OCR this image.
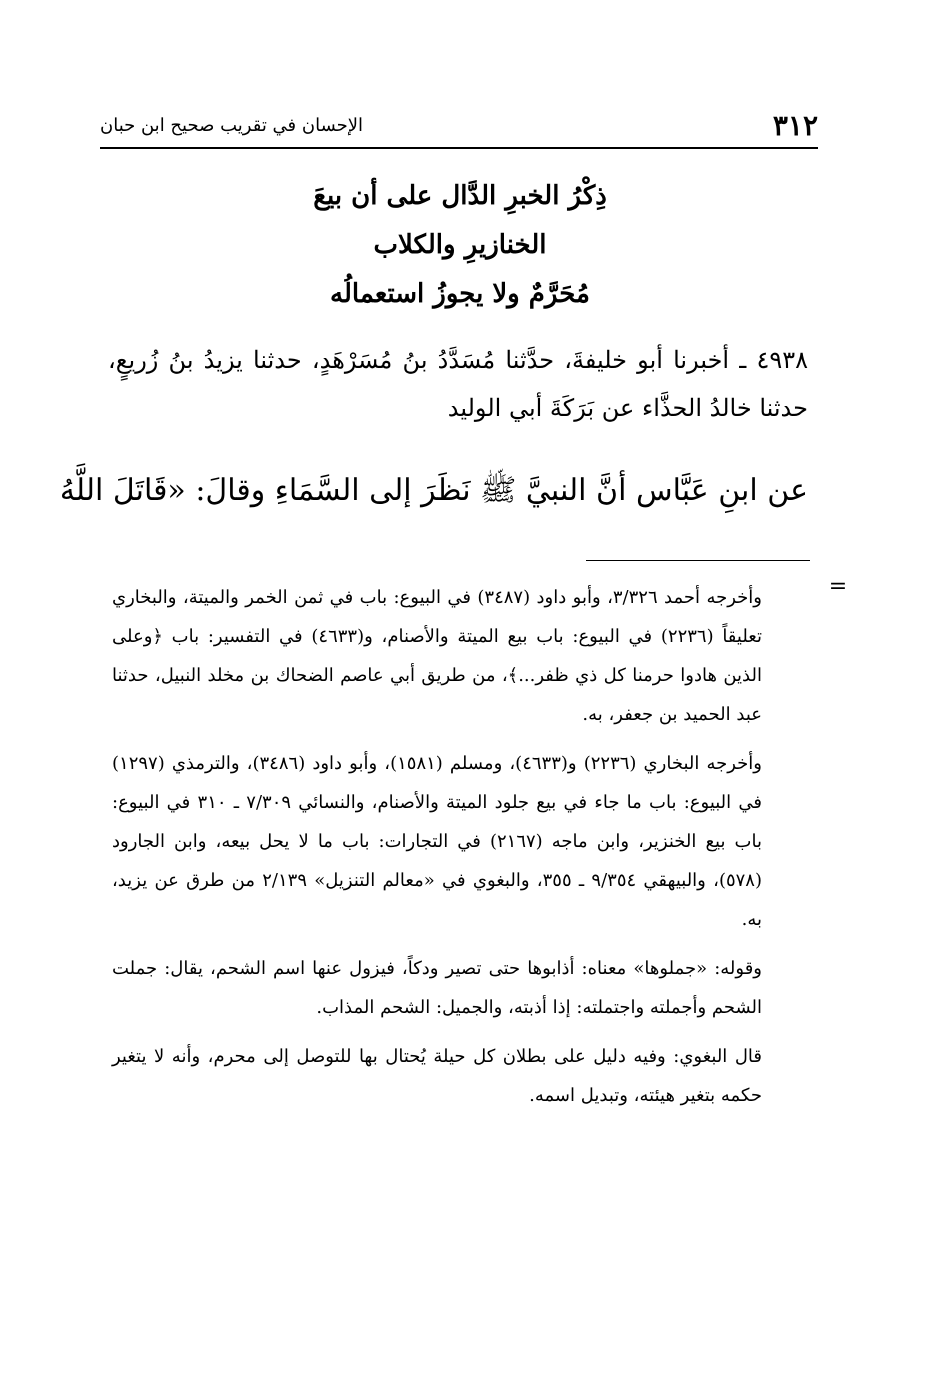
٣١٢
الإحسان في تقريب صحيح ابن حبان
ذِكْرُ الخبرِ الدَّال على أن بيعَ
الخنازيرِ والكلاب
مُحَرَّمٌ ولا يجوزُ استعمالُه
٤٩٣٨ ـ أخبرنا أبو خليفةَ، حدَّثنا مُسَدَّدُ بنُ مُسَرْهَدٍ، حدثنا يزيدُ بنُ زُريعٍ، حدثنا خالدُ الحذَّاء عن بَرَكَةَ أبي الوليد
عن ابنِ عَبَّاس أنَّ النبيَّ ﷺ نَظَرَ إلى السَّمَاءِ وقالَ: «قَاتَلَ اللَّهُ
=

وأخرجه أحمد ٣/٣٢٦، وأبو داود (٣٤٨٧) في البيوع: باب في ثمن الخمر والميتة، والبخاري تعليقاً (٢٢٣٦) في البيوع: باب بيع الميتة والأصنام، و(٤٦٣٣) في التفسير: باب ﴿وعلى الذين هادوا حرمنا كل ذي ظفر...﴾، من طريق أبي عاصم الضحاك بن مخلد النبيل، حدثنا عبد الحميد بن جعفر، به.

وأخرجه البخاري (٢٢٣٦) و(٤٦٣٣)، ومسلم (١٥٨١)، وأبو داود (٣٤٨٦)، والترمذي (١٢٩٧) في البيوع: باب ما جاء في بيع جلود الميتة والأصنام، والنسائي ٧/٣٠٩ ـ ٣١٠ في البيوع: باب بيع الخنزير، وابن ماجه (٢١٦٧) في التجارات: باب ما لا يحل بيعه، وابن الجارود (٥٧٨)، والبيهقي ٩/٣٥٤ ـ ٣٥٥، والبغوي في «معالم التنزيل» ٢/١٣٩ من طرق عن يزيد، به.

وقوله: «جملوها» معناه: أذابوها حتى تصير ودكاً، فيزول عنها اسم الشحم، يقال: جملت الشحم وأجملته واجتملته: إذا أذبته، والجميل: الشحم المذاب.

قال البغوي: وفيه دليل على بطلان كل حيلة يُحتال بها للتوصل إلى محرم، وأنه لا يتغير حكمه بتغير هيئته، وتبديل اسمه.
